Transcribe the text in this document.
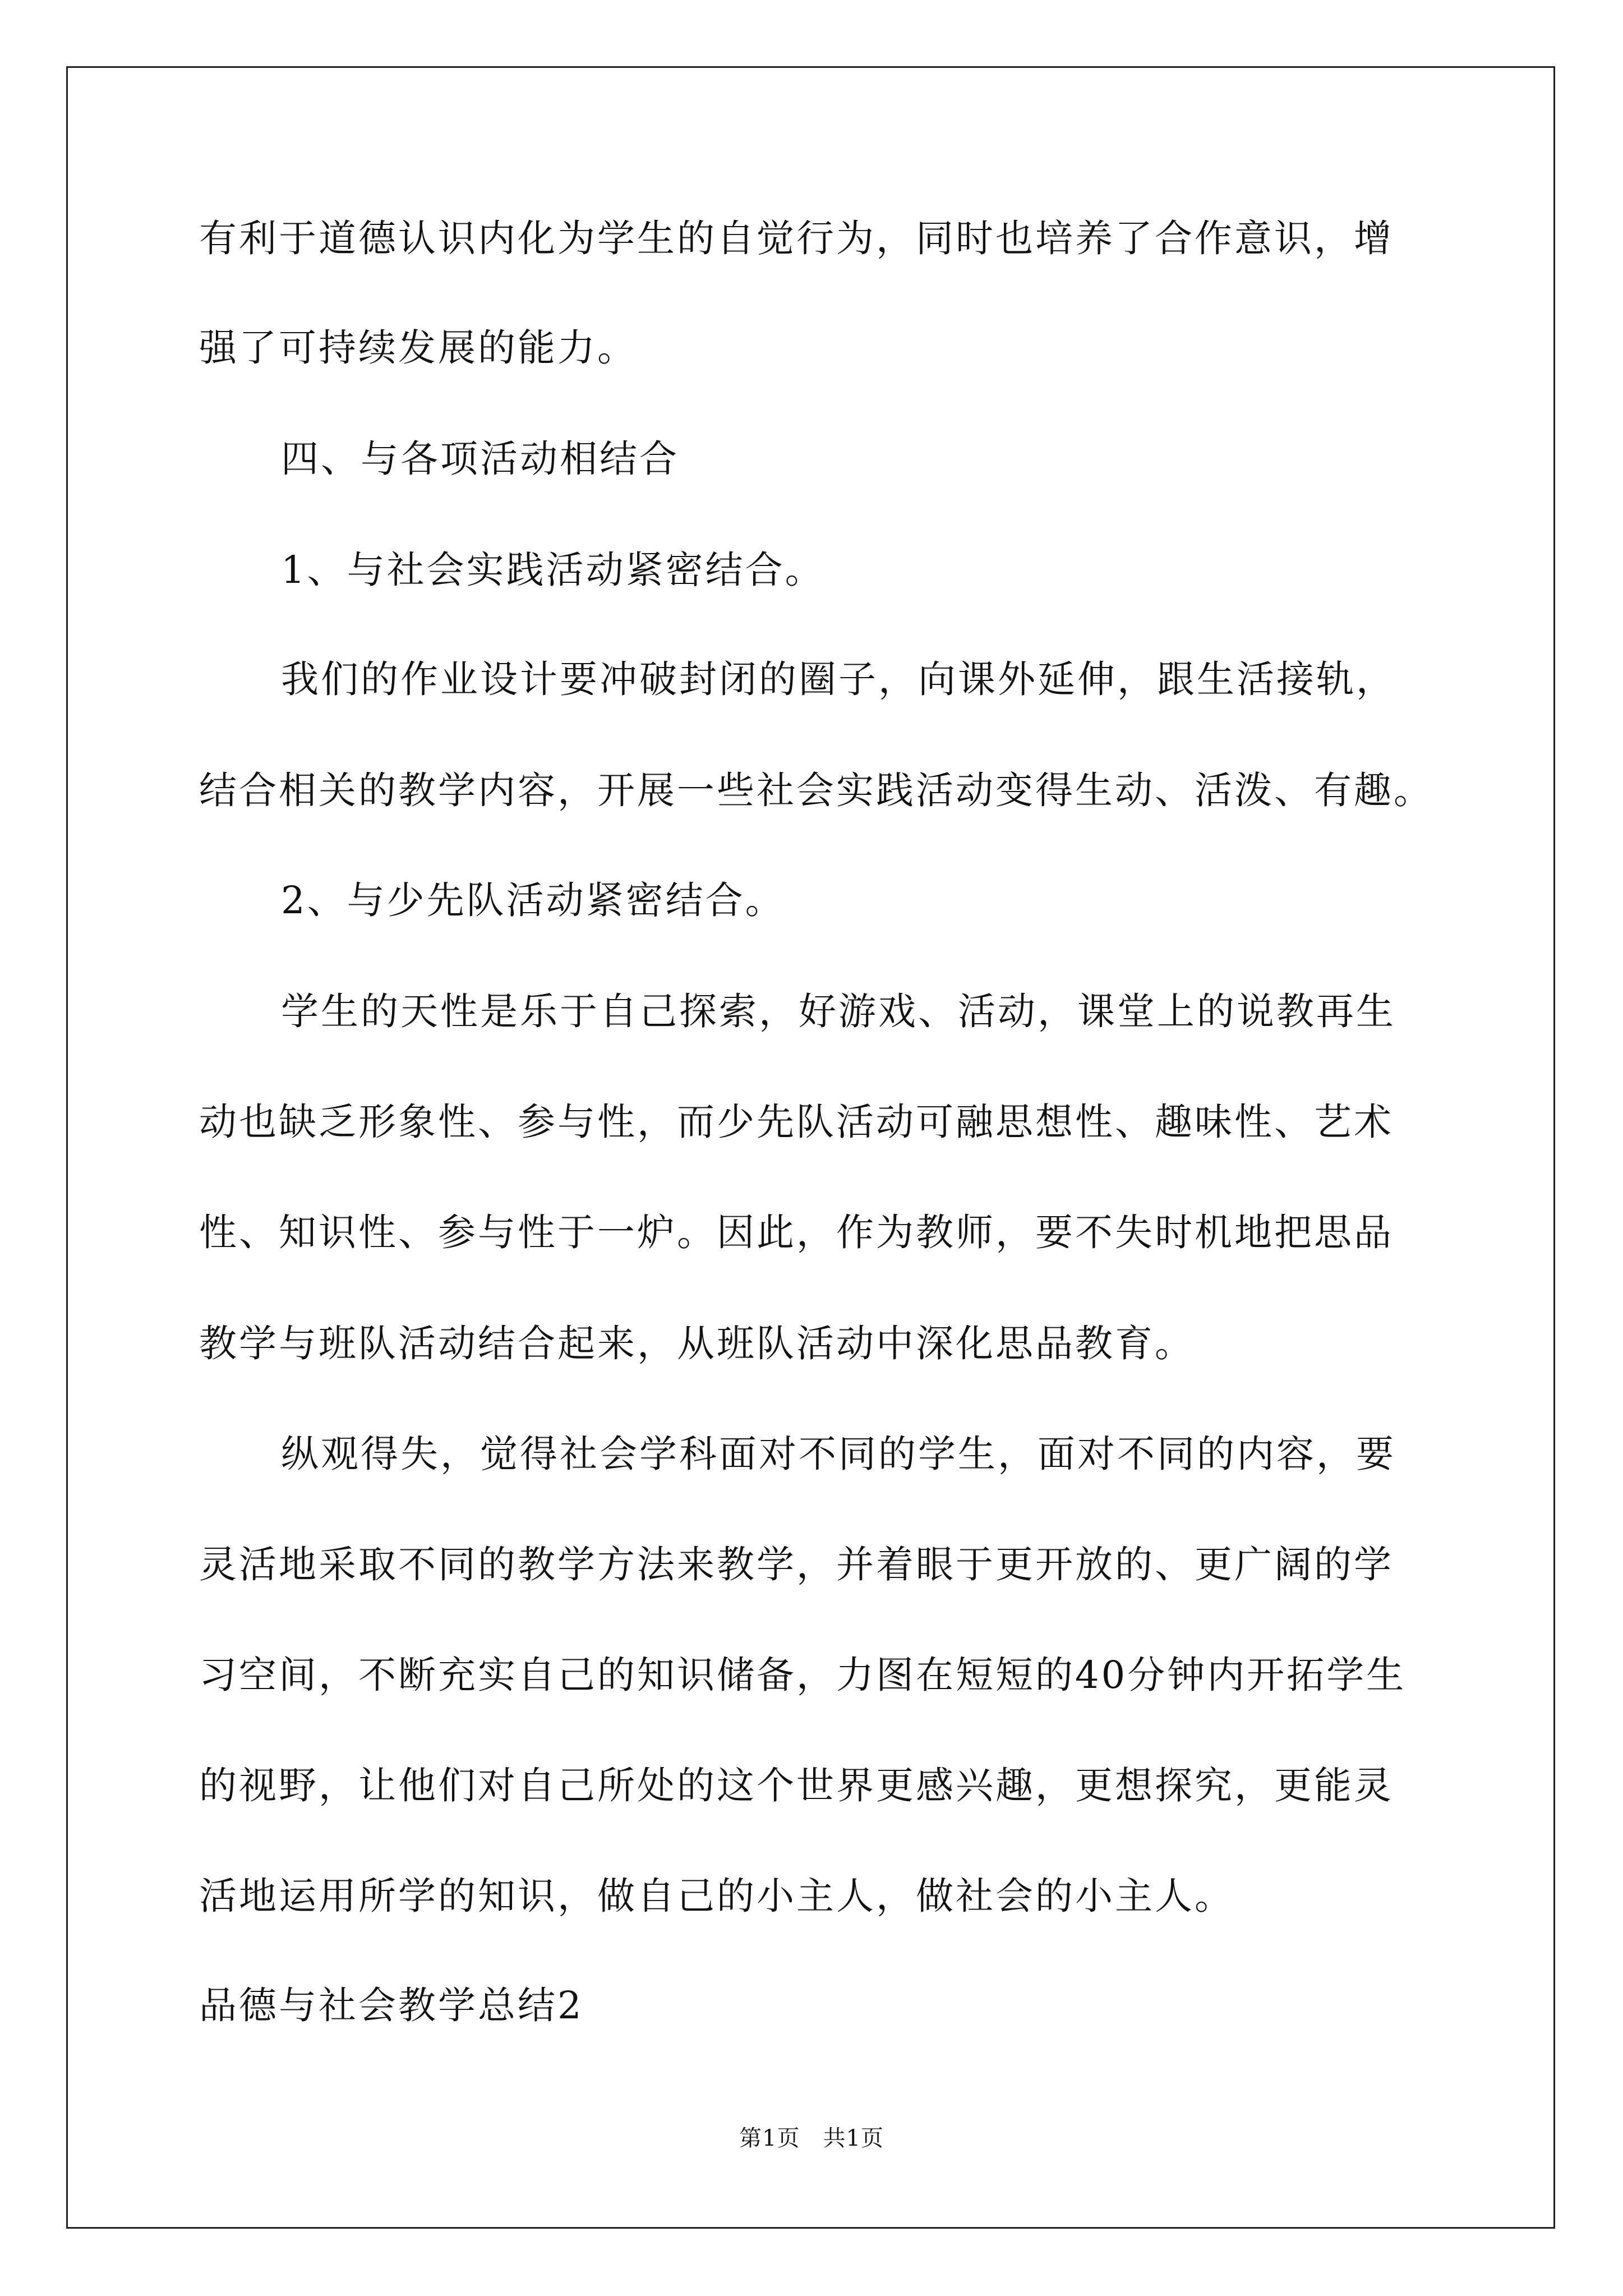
有利于道德认识内化为学生的自觉行为，同时也培养了合作意识，增
强了可持续发展的能力。
四、与各项活动相结合
1、与社会实践活动紧密结合。
我们的作业设计要冲破封闭的圈子，向课外延伸，跟生活接轨，
结合相关的教学内容，开展一些社会实践活动变得生动、活泼、有趣。
2、与少先队活动紧密结合。
学生的天性是乐于自己探索，好游戏、活动，课堂上的说教再生
动也缺乏形象性、参与性，而少先队活动可融思想性、趣味性、艺术
性、知识性、参与性于一炉。因此，作为教师，要不失时机地把思品
教学与班队活动结合起来，从班队活动中深化思品教育。
纵观得失，觉得社会学科面对不同的学生，面对不同的内容，要
灵活地采取不同的教学方法来教学，并着眼于更开放的、更广阔的学
习空间，不断充实自己的知识储备，力图在短短的40分钟内开拓学生
的视野，让他们对自己所处的这个世界更感兴趣，更想探究，更能灵
活地运用所学的知识，做自己的小主人，做社会的小主人。
品德与社会教学总结2
第1页　共1页
